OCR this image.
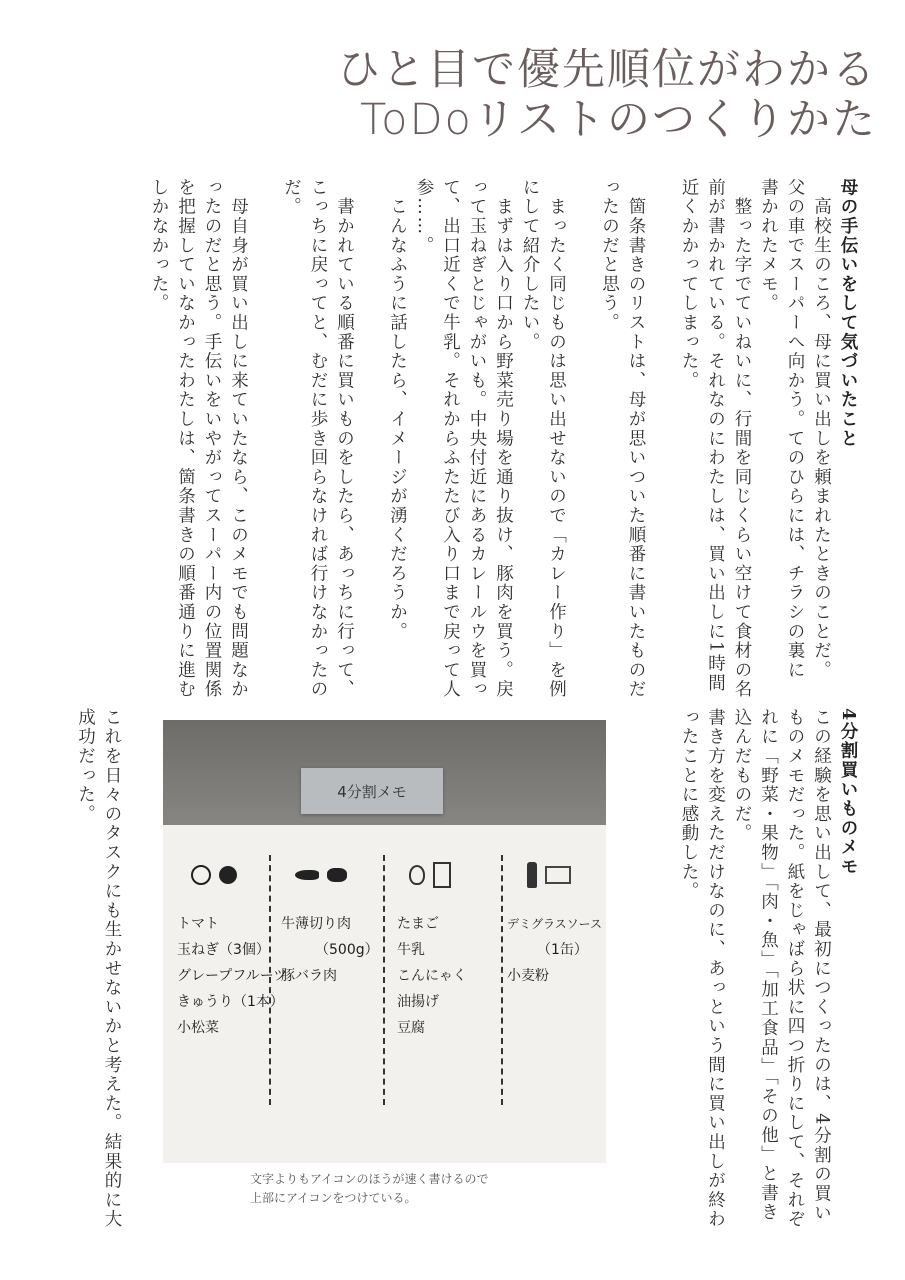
ひと目で優先順位がわかる
ToDoリストのつくりかた
母の手伝いをして気づいたこと
　高校生のころ、母に買い出しを頼まれたときのことだ。
父の車でスーパーへ向かう。てのひらには、チラシの裏に
書かれたメモ。
　整った字でていねいに、行間を同じくらい空けて食材の名
前が書かれている。それなのにわたしは、買い出しに1時間
近くかかってしまった。
　箇条書きのリストは、母が思いついた順番に書いたものだ
ったのだと思う。
　まったく同じものは思い出せないので「カレー作り」を例
にして紹介したい。
　まずは入り口から野菜売り場を通り抜け、豚肉を買う。戻
って玉ねぎとじゃがいも。中央付近にあるカレールウを買っ
て、出口近くで牛乳。それからふたたび入り口まで戻って人
参……。
　こんなふうに話したら、イメージが湧くだろうか。
　書かれている順番に買いものをしたら、あっちに行って、
こっちに戻ってと、むだに歩き回らなければ行けなかったの
だ。
　母自身が買い出しに来ていたなら、このメモでも問題なか
ったのだと思う。手伝いをいやがってスーパー内の位置関係
を把握していなかったわたしは、箇条書きの順番通りに進む
しかなかった。
4分割買いものメモ
この経験を思い出して、最初につくったのは、4分割の買い
ものメモだった。紙をじゃばら状に四つ折りにして、それぞ
れに「野菜・果物」「肉・魚」「加工食品」「その他」と書き
込んだものだ。
書き方を変えただけなのに、あっという間に買い出しが終わ
ったことに感動した。
これを日々のタスクにも生かせないかと考えた。結果的に大
成功だった。	4分割メモ
トマト
玉ねぎ（3個）
グレープフルーツ
きゅうり（1本）
小松菜
牛薄切り肉
（500g）
豚バラ肉
たまご
牛乳
こんにゃく
油揚げ
豆腐
デミグラスソース
（1缶）
小麦粉
文字よりもアイコンのほうが速く書けるので
上部にアイコンをつけている。
